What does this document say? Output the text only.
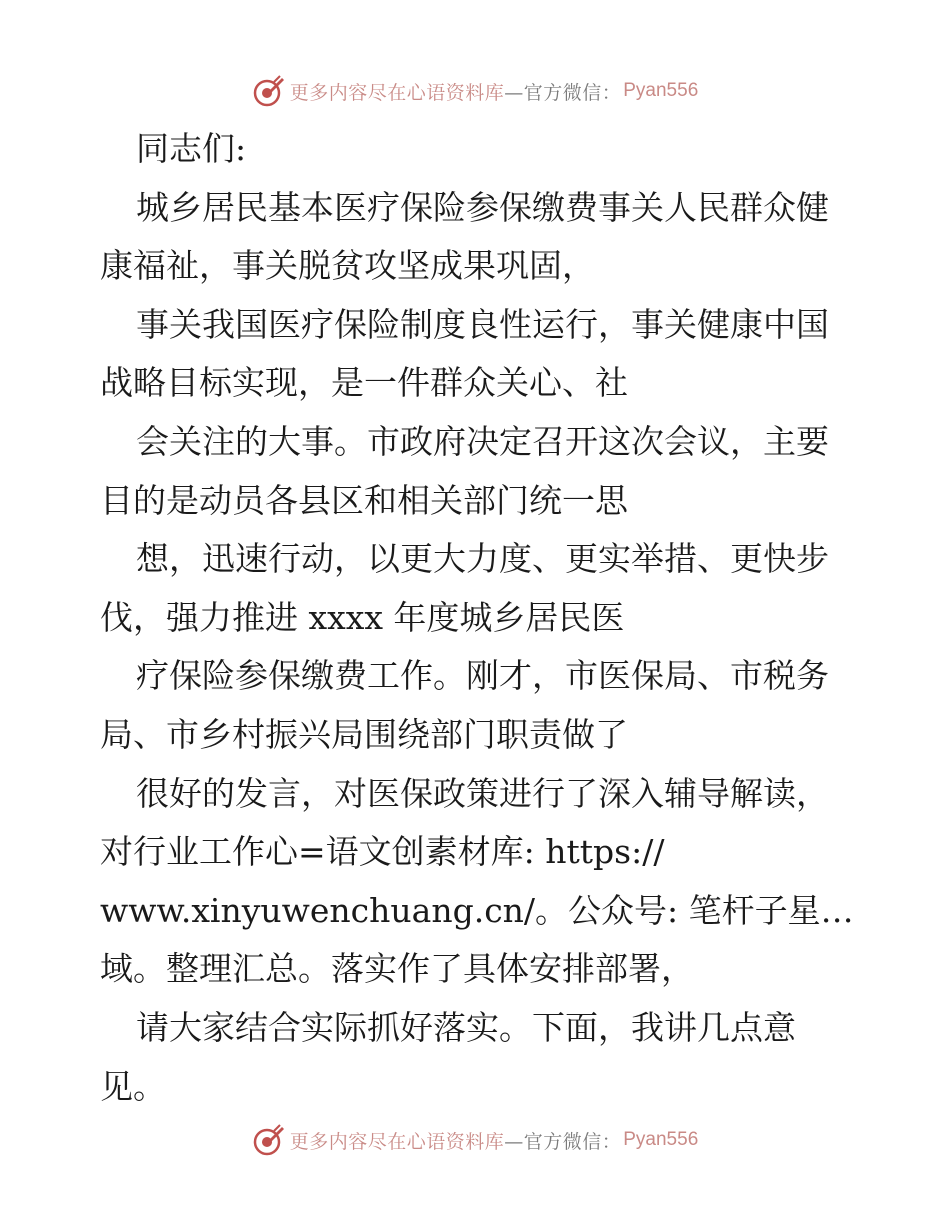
更多内容尽在心语资料库 —官方微信： Pyan556
同志们:
城乡居民基本医疗保险参保缴费事关人民群众健
康福祉，事关脱贫攻坚成果巩固，
事关我国医疗保险制度良性运行，事关健康中国
战略目标实现，是一件群众关心、社
会关注的大事。市政府决定召开这次会议，主要
目的是动员各县区和相关部门统一思
想，迅速行动，以更大力度、更实举措、更快步
伐，强力推进 xxxx 年度城乡居民医
疗保险参保缴费工作。刚才，市医保局、市税务
局、市乡村振兴局围绕部门职责做了
很好的发言，对医保政策进行了深入辅导解读，
对行业工作心=语文创素材库: https://
www.xinyuwenchuang.cn/。公众号: 笔杆子星…
域。整理汇总。落实作了具体安排部署，
请大家结合实际抓好落实。下面，我讲几点意
见。
更多内容尽在心语资料库 —官方微信： Pyan556
